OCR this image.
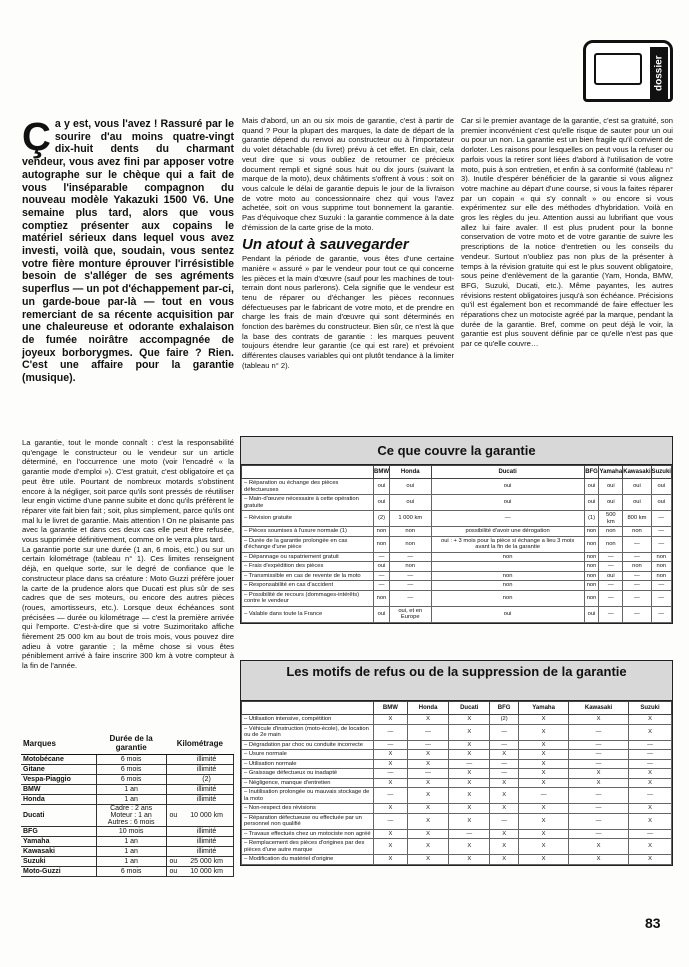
dossier

Ça y est, vous l'avez ! Rassuré par le sourire d'au moins quatre-vingt dix-huit dents du charmant vendeur, vous avez fini par apposer votre autographe sur le chèque qui a fait de vous l'inséparable compagnon du nouveau modèle Yakazuki 1500 V6. Une semaine plus tard, alors que vous comptiez présenter aux copains le matériel sérieux dans lequel vous avez investi, voilà que, soudain, vous sentez votre fière monture éprouver l'irrésistible besoin de s'alléger de ses agréments superflus — un pot d'échappement par-ci, un garde-boue par-là — tout en vous remerciant de sa récente acquisition par une chaleureuse et odorante exhalaison de fumée noirâtre accompagnée de joyeux borborygmes. Que faire ? Rien. C'est une affaire pour la garantie (musique).

La garantie, tout le monde connaît : c'est la responsabilité qu'engage le constructeur ou le vendeur sur un article déterminé, en l'occurrence une moto (voir l'encadré « la garantie mode d'emploi »). C'est gratuit, c'est obligatoire et ça peut être utile. Pourtant de nombreux motards s'obstinent encore à la négliger, soit parce qu'ils sont pressés de réutiliser leur engin victime d'une panne subite et donc qu'ils préfèrent le réparer vite fait bien fait ; soit, plus simplement, parce qu'ils ont mal lu le livret de garantie. Mais attention ! On ne plaisante pas avec la garantie et dans ces deux cas elle peut être refusée, vous supprimée définitivement, comme on le verra plus tard.
La garantie porte sur une durée (1 an, 6 mois, etc.) ou sur un certain kilométrage (tableau n° 1). Ces limites renseignent déjà, en quelque sorte, sur le degré de confiance que le constructeur place dans sa créature : Moto Guzzi préfère jouer la carte de la prudence alors que Ducati est plus sûr de ses cadres que de ses moteurs, ou encore des autres pièces (roues, amortisseurs, etc.). Lorsque deux échéances sont précisées — durée ou kilométrage — c'est la première arrivée qui l'emporte. C'est-à-dire que si votre Suzimoritako affiche fièrement 25 000 km au bout de trois mois, vous pouvez dire adieu à votre garantie ; la même chose si vous êtes péniblement arrivé à faire inscrire 300 km à votre compteur à la fin de l'année.
Marques	Durée de la garantie	Kilométrage	
Motobécane	6 mois		illimité
Gitane	6 mois		illimité
Vespa-Piaggio	6 mois		(2)
BMW	1 an		illimité
Honda	1 an		illimité
Ducati	Cadre : 2 ans
Moteur : 1 an
Autres : 6 mois	ou	10 000 km
BFG	10 mois		illimité
Yamaha	1 an		illimité
Kawasaki	1 an		illimité
Suzuki	1 an	ou	25 000 km
Moto-Guzzi	6 mois	ou	10 000 km

Mais d'abord, un an ou six mois de garantie, c'est à partir de quand ? Pour la plupart des marques, la date de départ de la garantie dépend du renvoi au constructeur ou à l'importateur du volet détachable (du livret) prévu à cet effet. En clair, cela veut dire que si vous oubliez de retourner ce précieux document rempli et signé sous huit ou dix jours (suivant la marque de la moto), deux châtiments s'offrent à vous : soit on vous calcule le délai de garantie depuis le jour de la livraison de votre moto au concessionnaire chez qui vous l'avez achetée, soit on vous supprime tout bonnement la garantie. Pas d'équivoque chez Suzuki : la garantie commence à la date d'émission de la carte grise de la moto.

Un atout à sauvegarder

Pendant la période de garantie, vous êtes d'une certaine manière « assuré » par le vendeur pour tout ce qui concerne les pièces et la main d'œuvre (sauf pour les machines de tout-terrain dont nous parlerons). Cela signifie que le vendeur est tenu de réparer ou d'échanger les pièces reconnues défectueuses par le fabricant de votre moto, et de prendre en charge les frais de main d'œuvre qui sont déterminés en fonction des barèmes du constructeur. Bien sûr, ce n'est là que la base des contrats de garantie : les marques peuvent toujours étendre leur garantie (ce qui est rare) et prévoient différentes clauses variables qui ont plutôt tendance à la limiter (tableau n° 2).

Car si le premier avantage de la garantie, c'est sa gratuité, son premier inconvénient c'est qu'elle risque de sauter pour un oui ou pour un non. La garantie est un bien fragile qu'il convient de dorloter. Les raisons pour lesquelles on peut vous la refuser ou parfois vous la retirer sont liées d'abord à l'utilisation de votre moto, puis à son entretien, et enfin à sa conformité (tableau n° 3). Inutile d'espérer bénéficier de la garantie si vous alignez votre machine au départ d'une course, si vous la faites réparer par un copain « qui s'y connaît » ou encore si vous expérimentez sur elle des méthodes d'hybridation. Voilà en gros les règles du jeu. Attention aussi au lubrifiant que vous allez lui faire avaler. Il est plus prudent pour la bonne conservation de votre moto et de votre garantie de suivre les prescriptions de la notice d'entretien ou les conseils du vendeur. Surtout n'oubliez pas non plus de la présenter à temps à la révision gratuite qui est le plus souvent obligatoire, sous peine d'enlèvement de la garantie (Yam, Honda, BMW, BFG, Suzuki, Ducati, etc.). Même payantes, les autres révisions restent obligatoires jusqu'à son échéance. Précisions qu'il est également bon et recommandé de faire effectuer les réparations chez un motociste agréé par la marque, pendant la durée de la garantie. Bref, comme on peut déjà le voir, la garantie est plus souvent définie par ce qu'elle n'est pas que par ce qu'elle couvre…
Ce que couvre la garantie
	BMW	Honda	Ducati	BFG	Yamaha	Kawasaki	Suzuki
– Réparation ou échange des pièces défectueuses	oui	oui	oui	oui	oui	oui	oui
– Main-d'œuvre nécessaire à cette opération gratuite	oui	oui	oui	oui	oui	oui	oui
– Révision gratuite	(2)	1 000 km	—	(1)	500 km	800 km	—
– Pièces soumises à l'usure normale (1)	non	non	possibilité d'avoir une dérogation	non	non	non	—
– Durée de la garantie prolongée en cas d'échange d'une pièce	non	non	oui : + 3 mois pour la pièce si échange a lieu 3 mois avant la fin de la garantie	non	non	—	—
– Dépannage ou rapatriement gratuit	—	—	non	non	—	—	non
– Frais d'expédition des pièces	oui	non		non	—	non	non
– Transmissible en cas de revente de la moto	—	—	non	non	oui	—	non
– Responsabilité en cas d'accident	—	—	non	non	—	—	—
– Possibilité de recours (dommages-intérêts) contre le vendeur	non	—	non	non	—	—	—
– Valable dans toute la France	oui	oui, et en Europe	oui	oui	—	—	—
Les motifs de refus ou de la suppression de la garantie
	BMW	Honda	Ducati	BFG	Yamaha	Kawasaki	Suzuki
– Utilisation intensive, compétition	X	X	X	(2)	X	X	X
– Véhicule d'instruction (moto-école), de location ou de 2e main	—	—	X	—	X	—	X
– Dégradation par choc ou conduite incorrecte	—	—	X	—	X	—	—
– Usure normale	X	X	X	X	X	—	—
– Utilisation normale	X	X	—	—	X	—	—
– Graissage défectueux ou inadapté	—	—	X	—	X	X	X
– Négligence, manque d'entretien	X	X	X	X	X	X	X
– Inutilisation prolongée ou mauvais stockage de la moto	—	X	X	X	—	—	—
– Non-respect des révisions	X	X	X	X	X	—	X
– Réparation défectueuse ou effectuée par un personnel non qualifié	—	X	X	—	X	—	X
– Travaux effectués chez un motociste non agréé	X	X	—	X	X	—	—
– Remplacement des pièces d'origines par des pièces d'une autre marque	X	X	X	X	X	X	X
– Modification du matériel d'origine	X	X	X	X	X	X	X
83
